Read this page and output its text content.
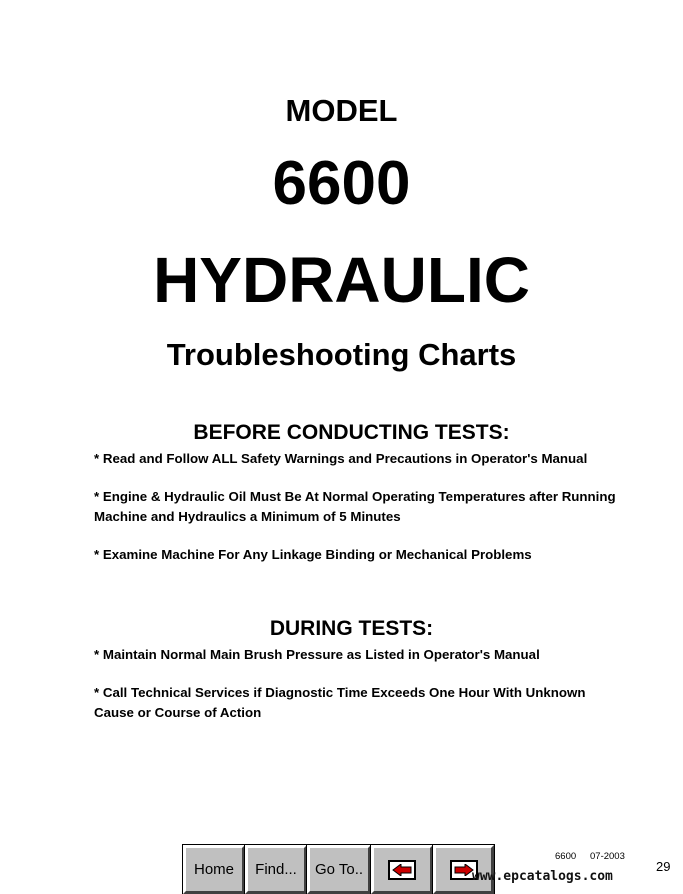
MODEL
6600
HYDRAULIC
Troubleshooting Charts
BEFORE CONDUCTING TESTS:
* Read and Follow ALL Safety Warnings and Precautions in Operator's Manual
* Engine & Hydraulic Oil Must Be At Normal Operating Temperatures after Running Machine and Hydraulics a Minimum of 5 Minutes
* Examine Machine For Any Linkage Binding or Mechanical Problems
DURING TESTS:
* Maintain Normal Main Brush Pressure as Listed in Operator's Manual
* Call Technical Services if Diagnostic Time Exceeds One Hour With Unknown Cause or Course of Action
Home	Find...	Go To..
6600 07-2003
29
www.epcatalogs.com
